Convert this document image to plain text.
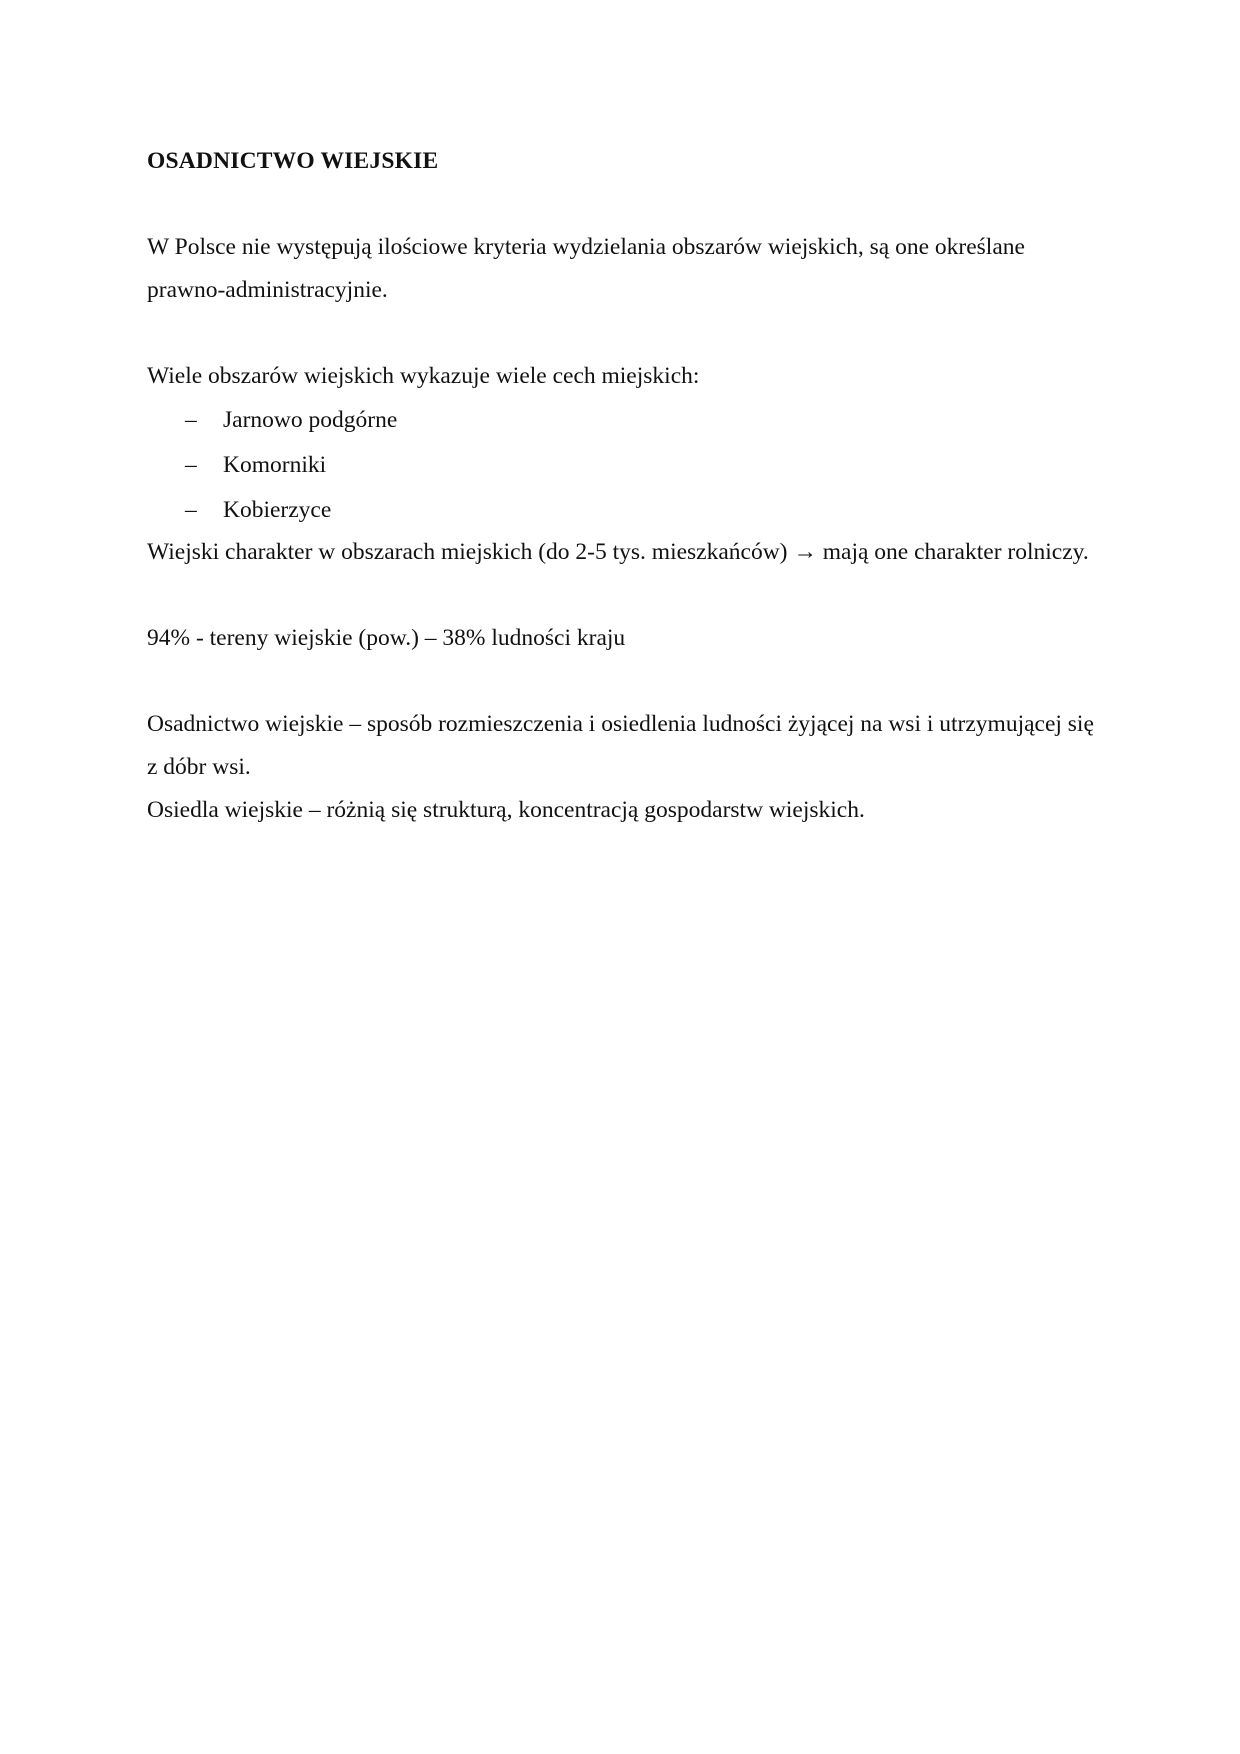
OSADNICTWO WIEJSKIE

W Polsce nie występują ilościowe kryteria wydzielania obszarów wiejskich, są one określane prawno-administracyjnie.

Wiele obszarów wiejskich wykazuje wiele cech miejskich:

–	Jarnowo podgórne
–	Komorniki
–	Kobierzyce

Wiejski charakter w obszarach miejskich (do 2-5 tys. mieszkańców) → mają one charakter rolniczy.

94% - tereny wiejskie (pow.) – 38% ludności kraju

Osadnictwo wiejskie – sposób rozmieszczenia i osiedlenia ludności żyjącej na wsi i utrzymującej się z dóbr wsi.

Osiedla wiejskie – różnią się strukturą, koncentracją gospodarstw wiejskich.
